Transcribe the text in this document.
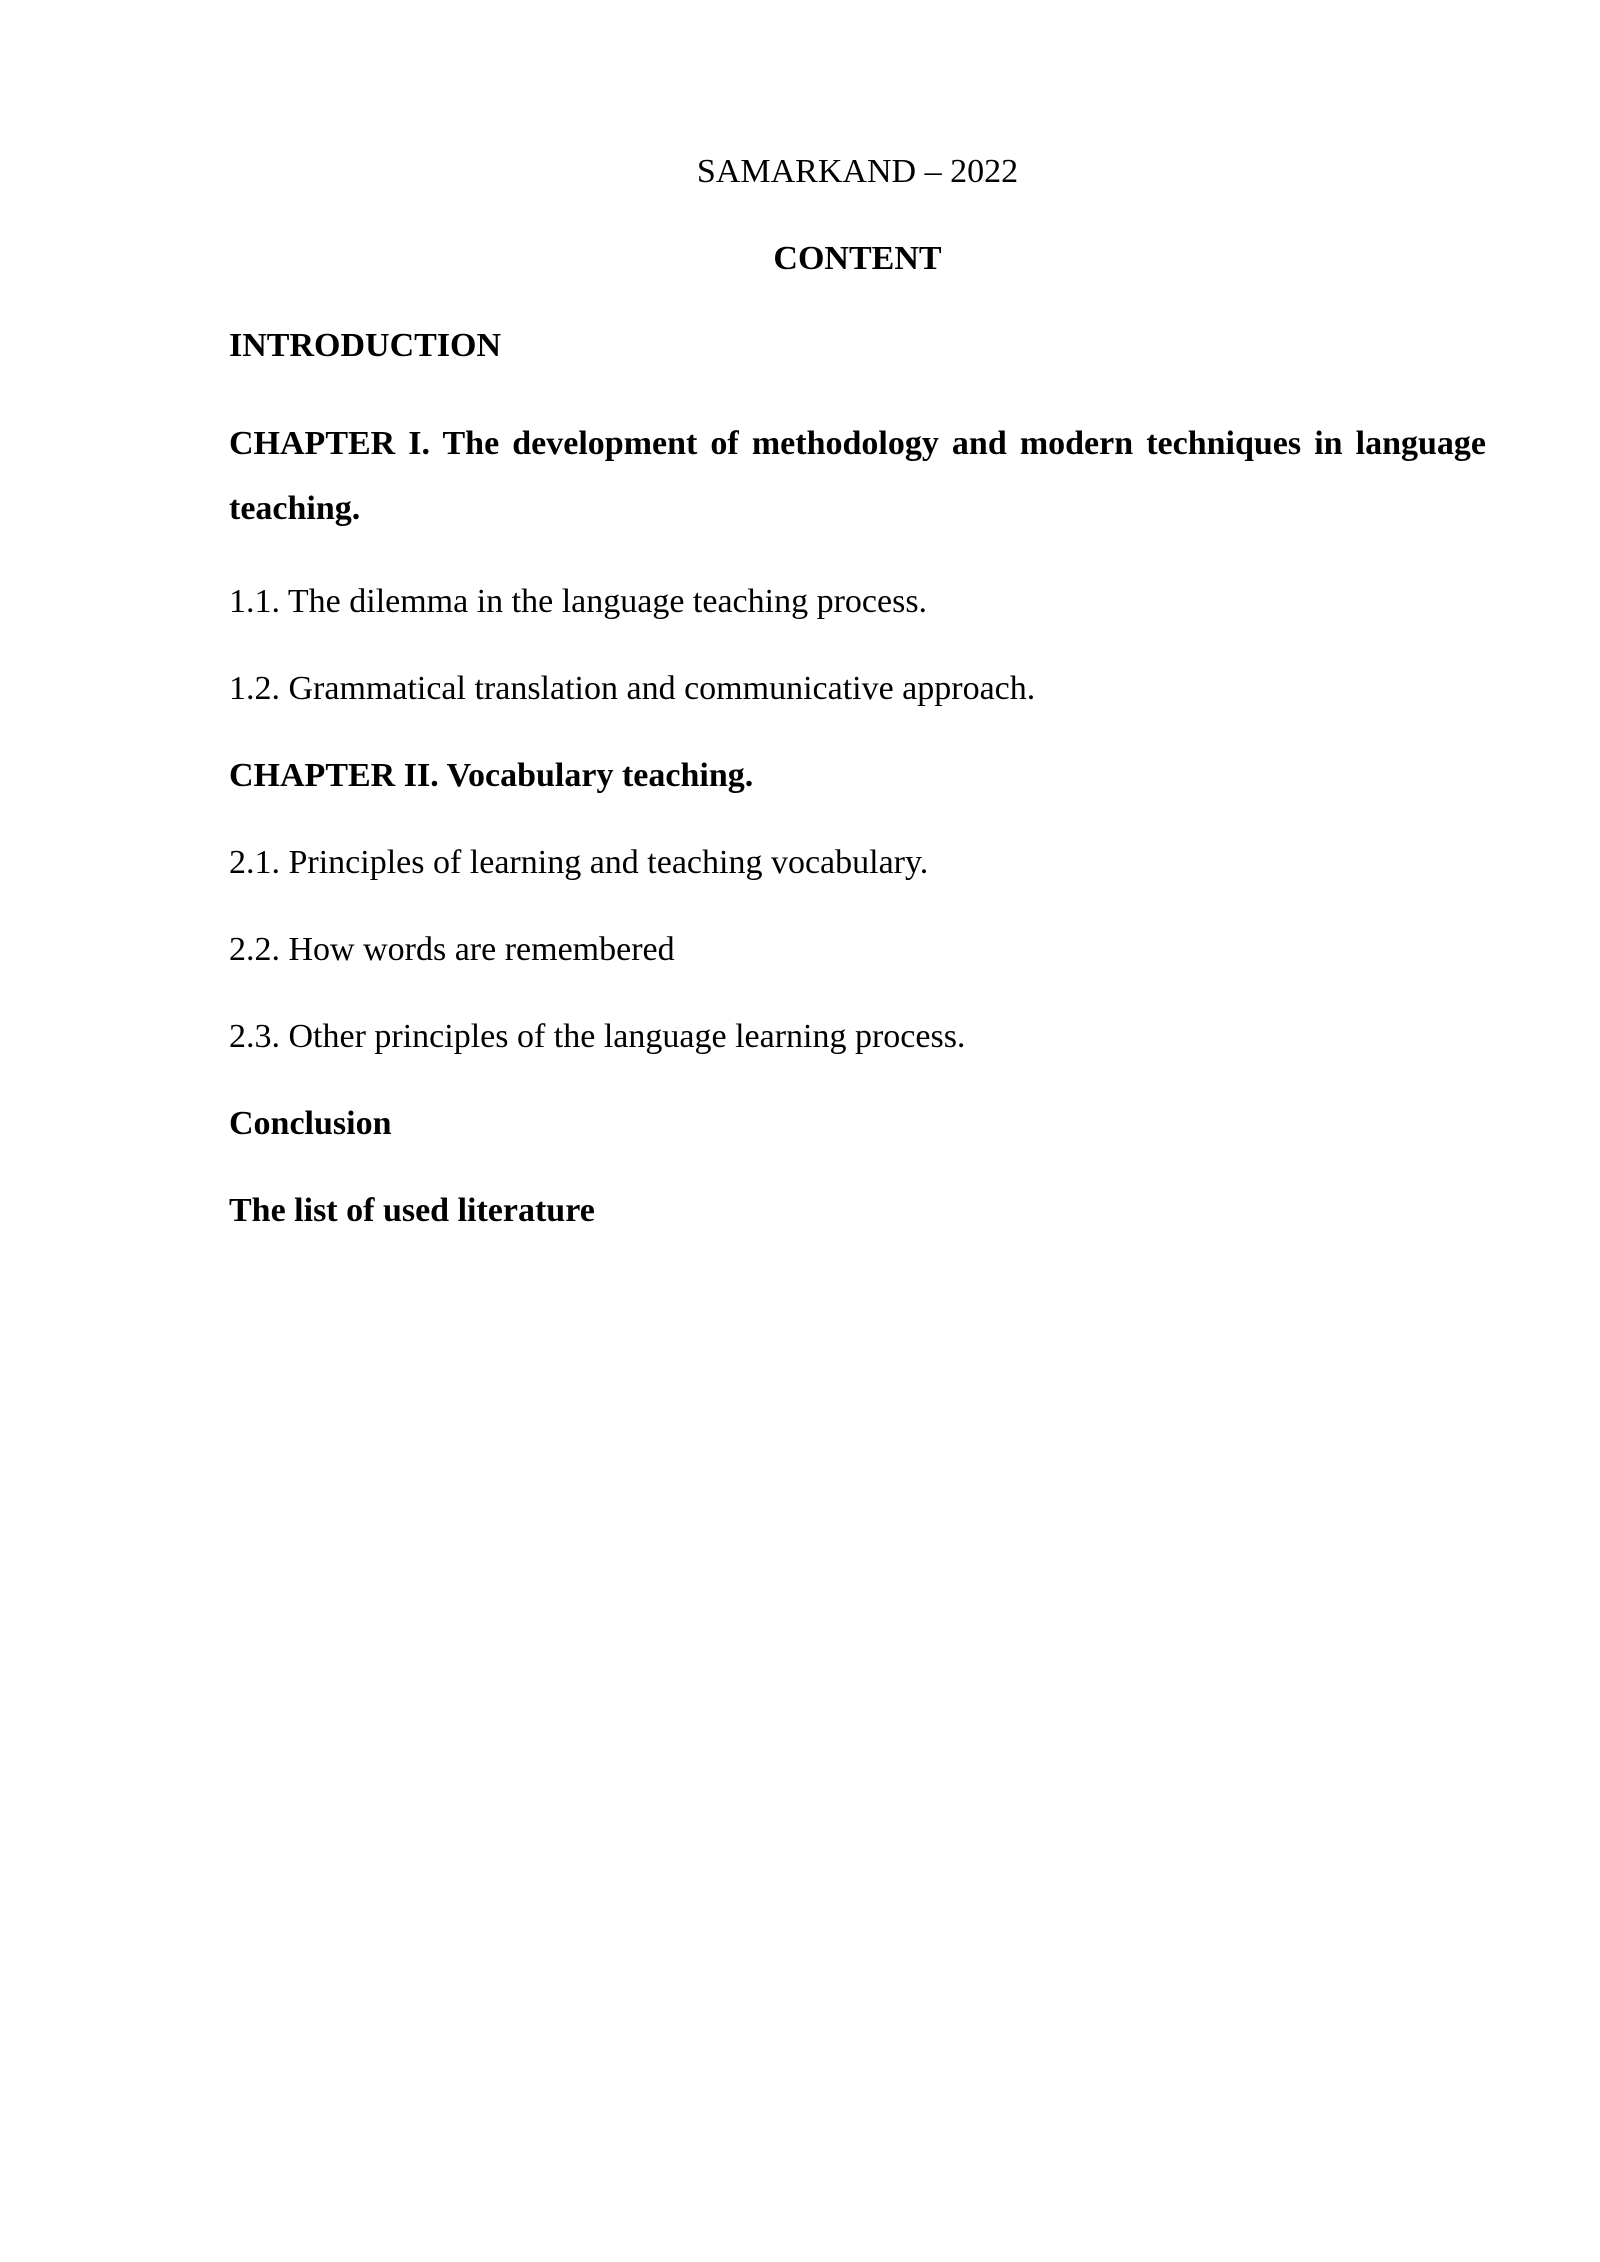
SAMARKAND – 2022

CONTENT

INTRODUCTION

CHAPTER I. The development of methodology and modern techniques in language teaching.

1.1. The dilemma in the language teaching process.

1.2. Grammatical translation and communicative approach.

CHAPTER II. Vocabulary teaching.

2.1. Principles of learning and teaching vocabulary.

2.2. How words are remembered

2.3. Other principles of the language learning process.

Conclusion

The list of used literature
